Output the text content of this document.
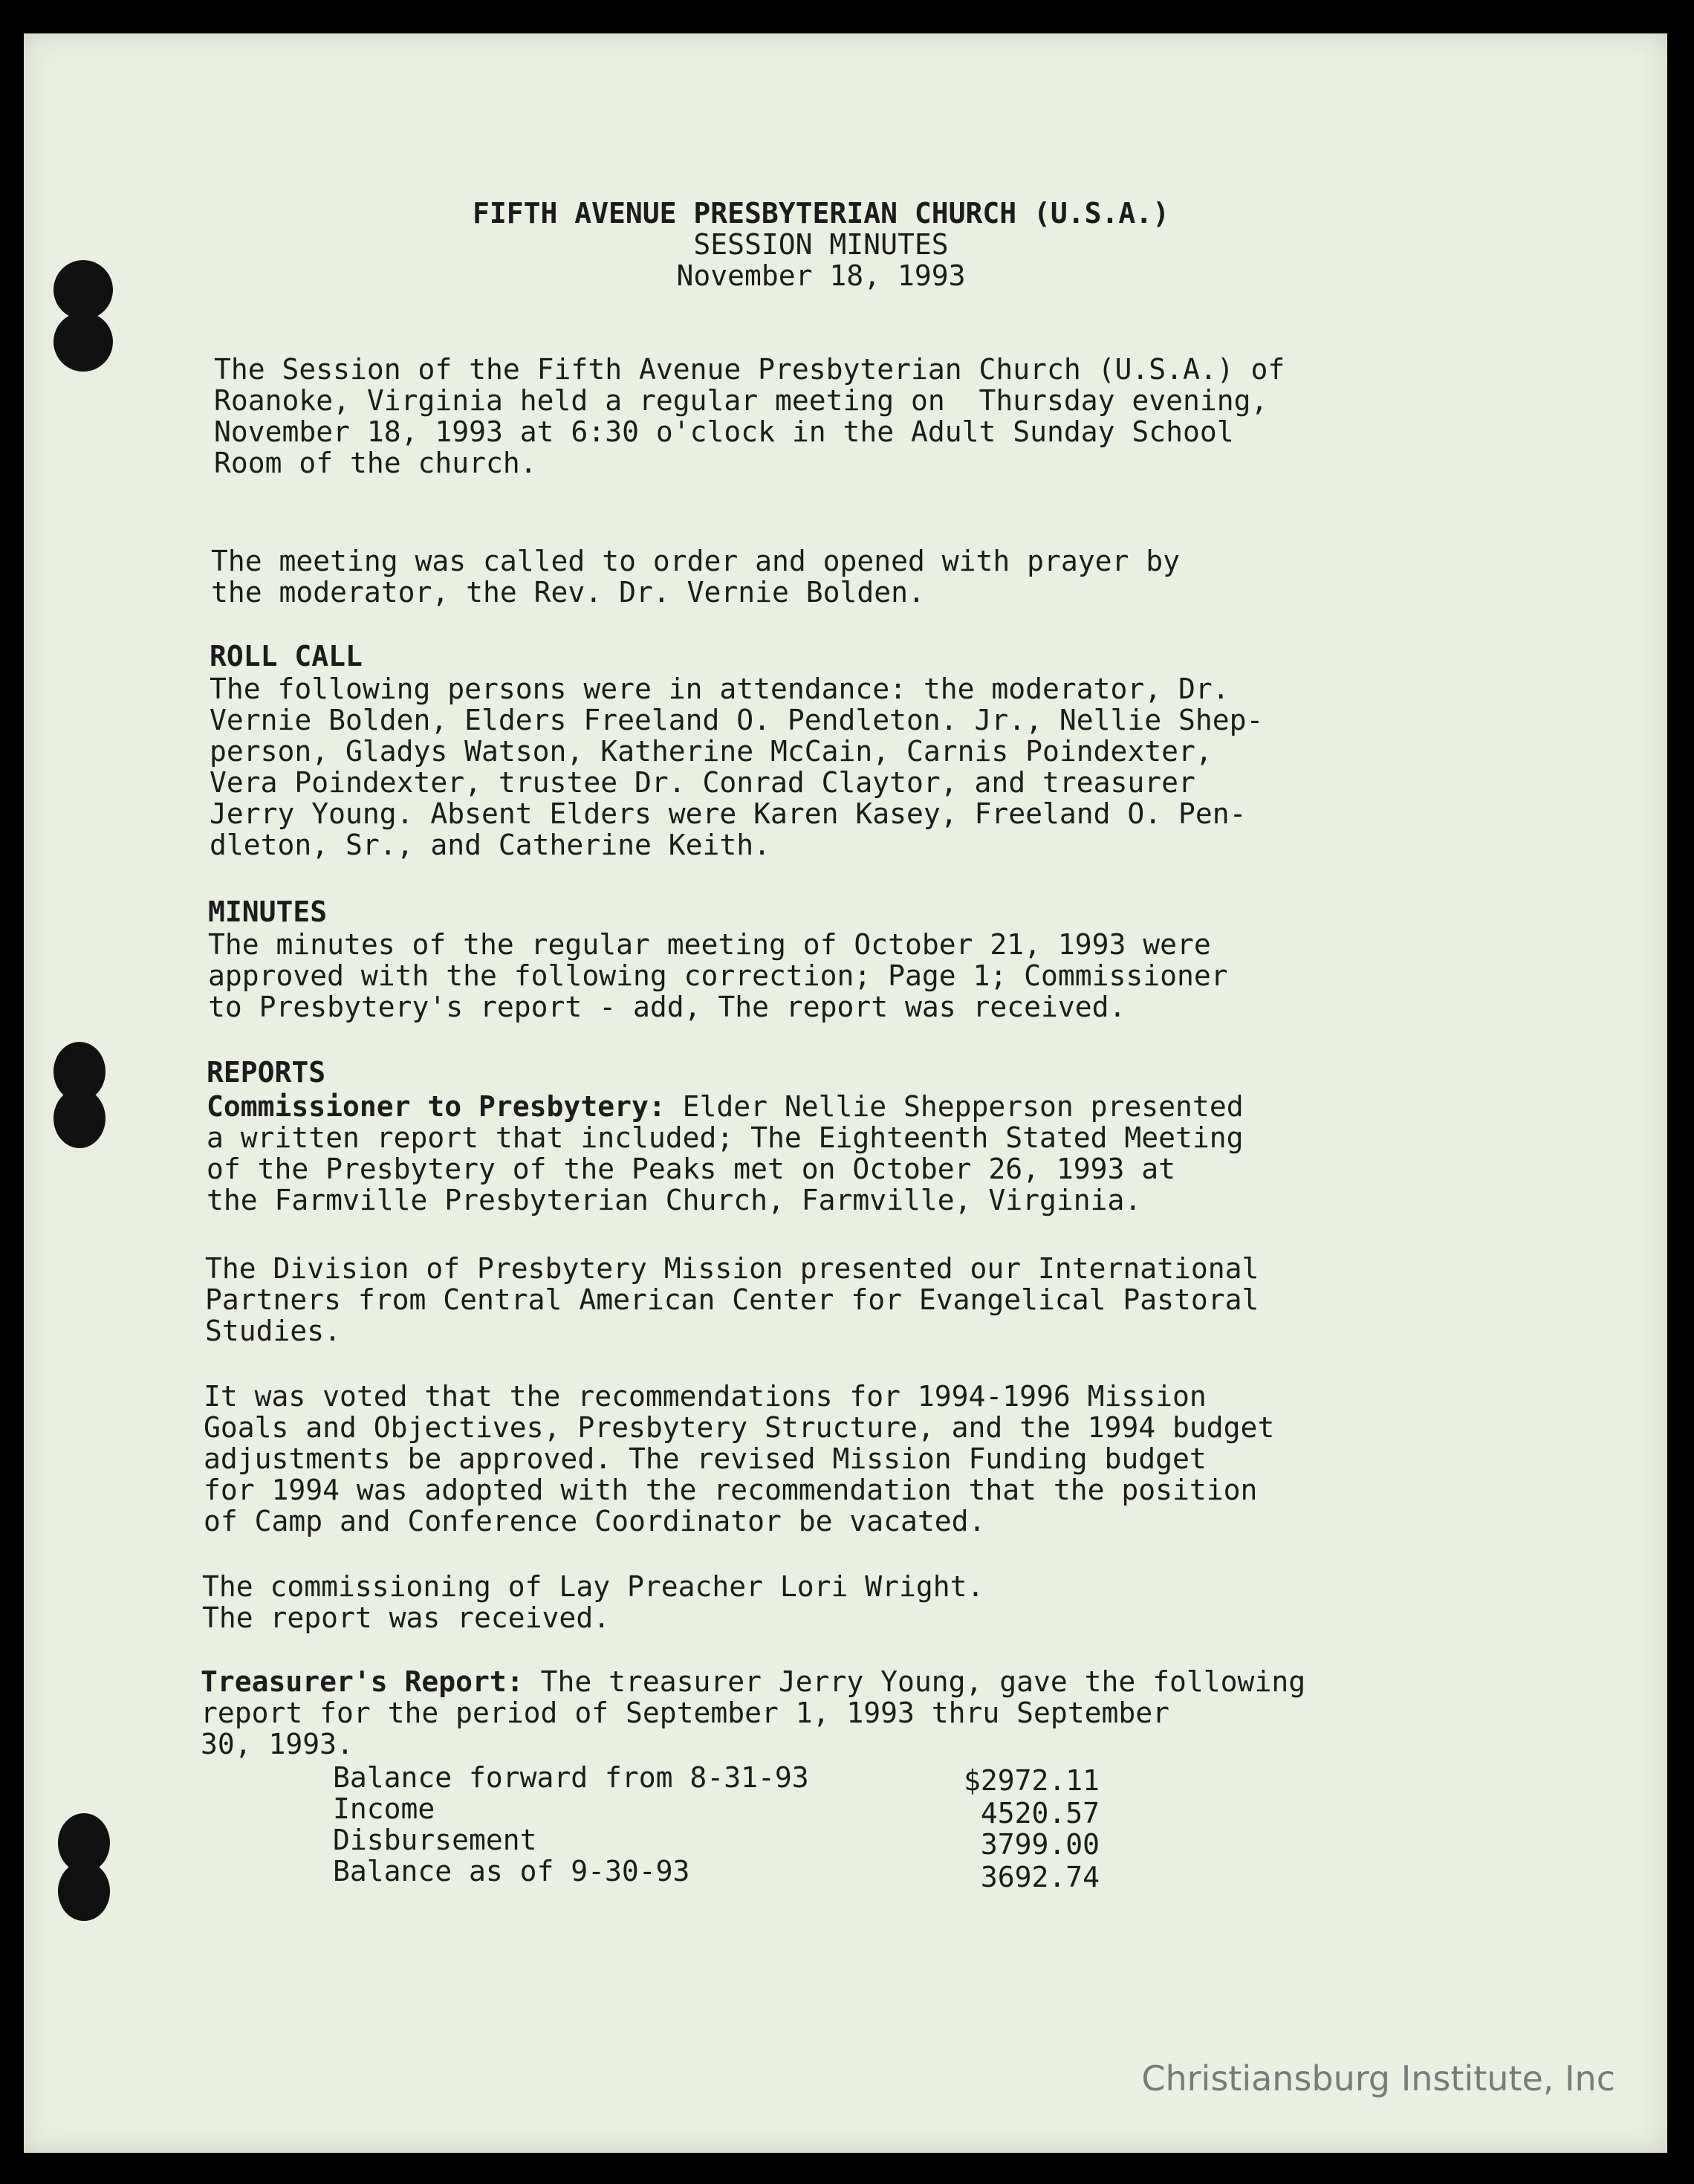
FIFTH AVENUE PRESBYTERIAN CHURCH (U.S.A.)
SESSION MINUTES
November 18, 1993
The Session of the Fifth Avenue Presbyterian Church (U.S.A.) of
Roanoke, Virginia held a regular meeting on  Thursday evening,
November 18, 1993 at 6:30 o'clock in the Adult Sunday School
Room of the church.
The meeting was called to order and opened with prayer by
the moderator, the Rev. Dr. Vernie Bolden.
ROLL CALL
The following persons were in attendance: the moderator, Dr.
Vernie Bolden, Elders Freeland O. Pendleton. Jr., Nellie Shep-
person, Gladys Watson, Katherine McCain, Carnis Poindexter,
Vera Poindexter, trustee Dr. Conrad Claytor, and treasurer
Jerry Young. Absent Elders were Karen Kasey, Freeland O. Pen-
dleton, Sr., and Catherine Keith.
MINUTES
The minutes of the regular meeting of October 21, 1993 were
approved with the following correction; Page 1; Commissioner
to Presbytery's report - add, The report was received.
REPORTS
Commissioner to Presbytery: Elder Nellie Shepperson presented
a written report that included; The Eighteenth Stated Meeting
of the Presbytery of the Peaks met on October 26, 1993 at
the Farmville Presbyterian Church, Farmville, Virginia.
The Division of Presbytery Mission presented our International
Partners from Central American Center for Evangelical Pastoral
Studies.
It was voted that the recommendations for 1994-1996 Mission
Goals and Objectives, Presbytery Structure, and the 1994 budget
adjustments be approved. The revised Mission Funding budget
for 1994 was adopted with the recommendation that the position
of Camp and Conference Coordinator be vacated.
The commissioning of Lay Preacher Lori Wright.
The report was received.
Treasurer's Report: The treasurer Jerry Young, gave the following
report for the period of September 1, 1993 thru September
30, 1993.
Balance forward from 8-31-93	$2972.11
Income	4520.57
Disbursement	3799.00
Balance as of 9-30-93	3692.74
Christiansburg Institute, Inc
